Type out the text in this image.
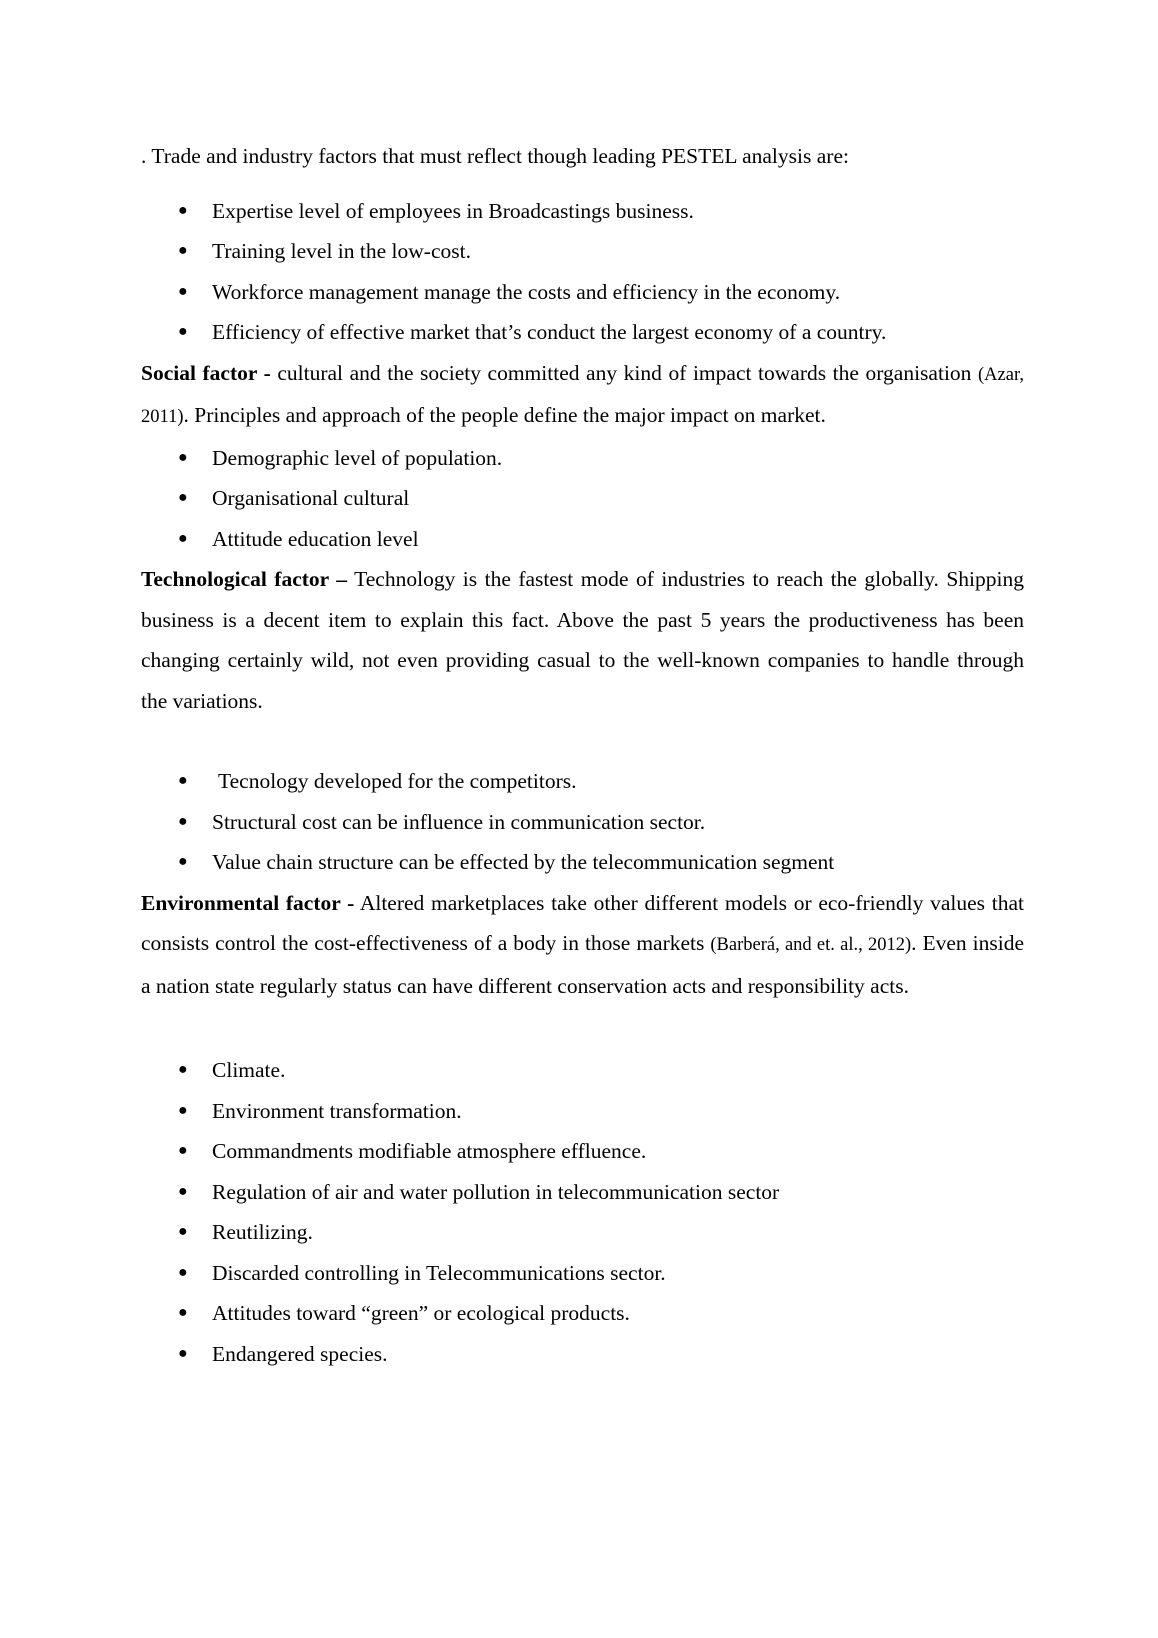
. Trade and industry factors that must reflect though leading PESTEL analysis are:

● Expertise level of employees in Broadcastings business.
● Training level in the low-cost.
● Workforce management manage the costs and efficiency in the economy.
● Efficiency of effective market that’s conduct the largest economy of a country.

Social factor - cultural and the society committed any kind of impact towards the organisation (Azar, 2011). Principles and approach of the people define the major impact on market.

● Demographic level of population.
● Organisational cultural
● Attitude education level

Technological factor – Technology is the fastest mode of industries to reach the globally. Shipping business is a decent item to explain this fact. Above the past 5 years the productiveness has been changing certainly wild, not even providing casual to the well-known companies to handle through the variations.

● Tecnology developed for the competitors.
● Structural cost can be influence in communication sector.
● Value chain structure can be effected by the telecommunication segment

Environmental factor - Altered marketplaces take other different models or eco-friendly values that consists control the cost-effectiveness of a body in those markets (Barberá, and et. al., 2012). Even inside a nation state regularly status can have different conservation acts and responsibility acts.

● Climate.
● Environment transformation.
● Commandments modifiable atmosphere effluence.
● Regulation of air and water pollution in telecommunication sector
● Reutilizing.
● Discarded controlling in Telecommunications sector.
● Attitudes toward “green” or ecological products.
● Endangered species.
